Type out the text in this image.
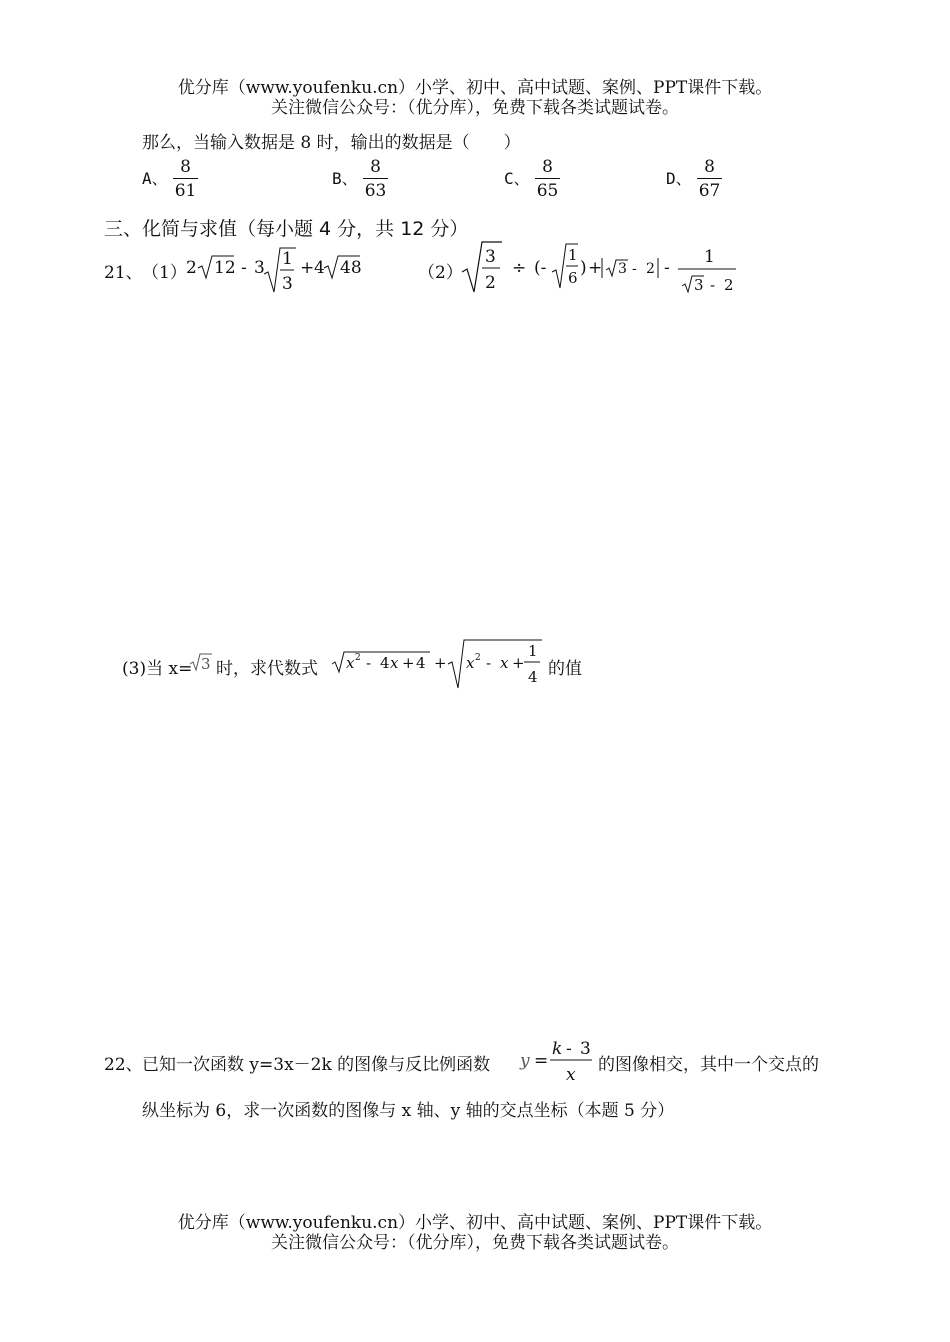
优分库（www.youfenku.cn）小学、初中、高中试题、案例、PPT课件下载。
关注微信公众号：（优分库），免费下载各类试题试卷。
那么，当输入数据是 8 时，输出的数据是（　　）
A、 $\frac{8}{61}$	B、 $\frac{8}{63}$	C、 $\frac{8}{65}$	D、 $\frac{8}{67}$
三、化简与求值（每小题 4 分，共 12 分）
21、 （1） 2 12 - 3 1
3
+ 4 48	（2）
3
2
÷ (-
1
6 ) + 3 - 2 -
1
3 - 2
(3)当 x= 3 时，求代数式 x 2 - 4 x + 4 + x 2 - x +
1
4 的值
22、 已知一次函数 y=3x－2k 的图像与反比例函数 y =
k - 3
x 的图像相交，其中一个交点的
纵坐标为 6，求一次函数的图像与 x 轴、y 轴的交点坐标（本题 5 分）
优分库（www.youfenku.cn）小学、初中、高中试题、案例、PPT课件下载。
关注微信公众号：（优分库），免费下载各类试题试卷。
